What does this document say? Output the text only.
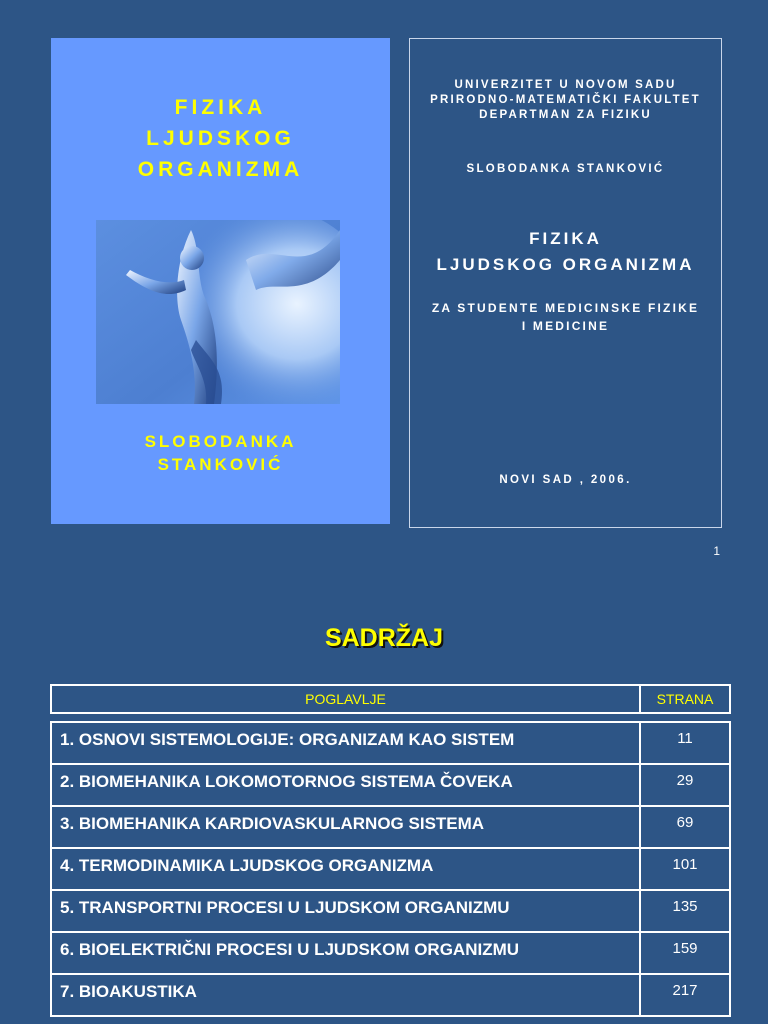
FIZIKA
LJUDSKOG
ORGANIZMA
SLOBODANKA
STANKOVIĆ
UNIVERZITET U NOVOM SADU
PRIRODNO-MATEMATIČKI FAKULTET
DEPARTMAN ZA FIZIKU
SLOBODANKA STANKOVIĆ
FIZIKA
LJUDSKOG ORGANIZMA
ZA STUDENTE MEDICINSKE FIZIKE
I MEDICINE
NOVI SAD , 2006.
1
SADRŽAJ
POGLAVLJE	STRANA
1. OSNOVI SISTEMOLOGIJE: ORGANIZAM KAO SISTEM	11
2. BIOMEHANIKA LOKOMOTORNOG SISTEMA ČOVEKA	29
3. BIOMEHANIKA KARDIOVASKULARNOG SISTEMA	69
4. TERMODINAMIKA LJUDSKOG ORGANIZMA	101
5. TRANSPORTNI PROCESI U LJUDSKOM ORGANIZMU	135
6. BIOELEKTRIČNI PROCESI U LJUDSKOM ORGANIZMU	159
7. BIOAKUSTIKA	217
